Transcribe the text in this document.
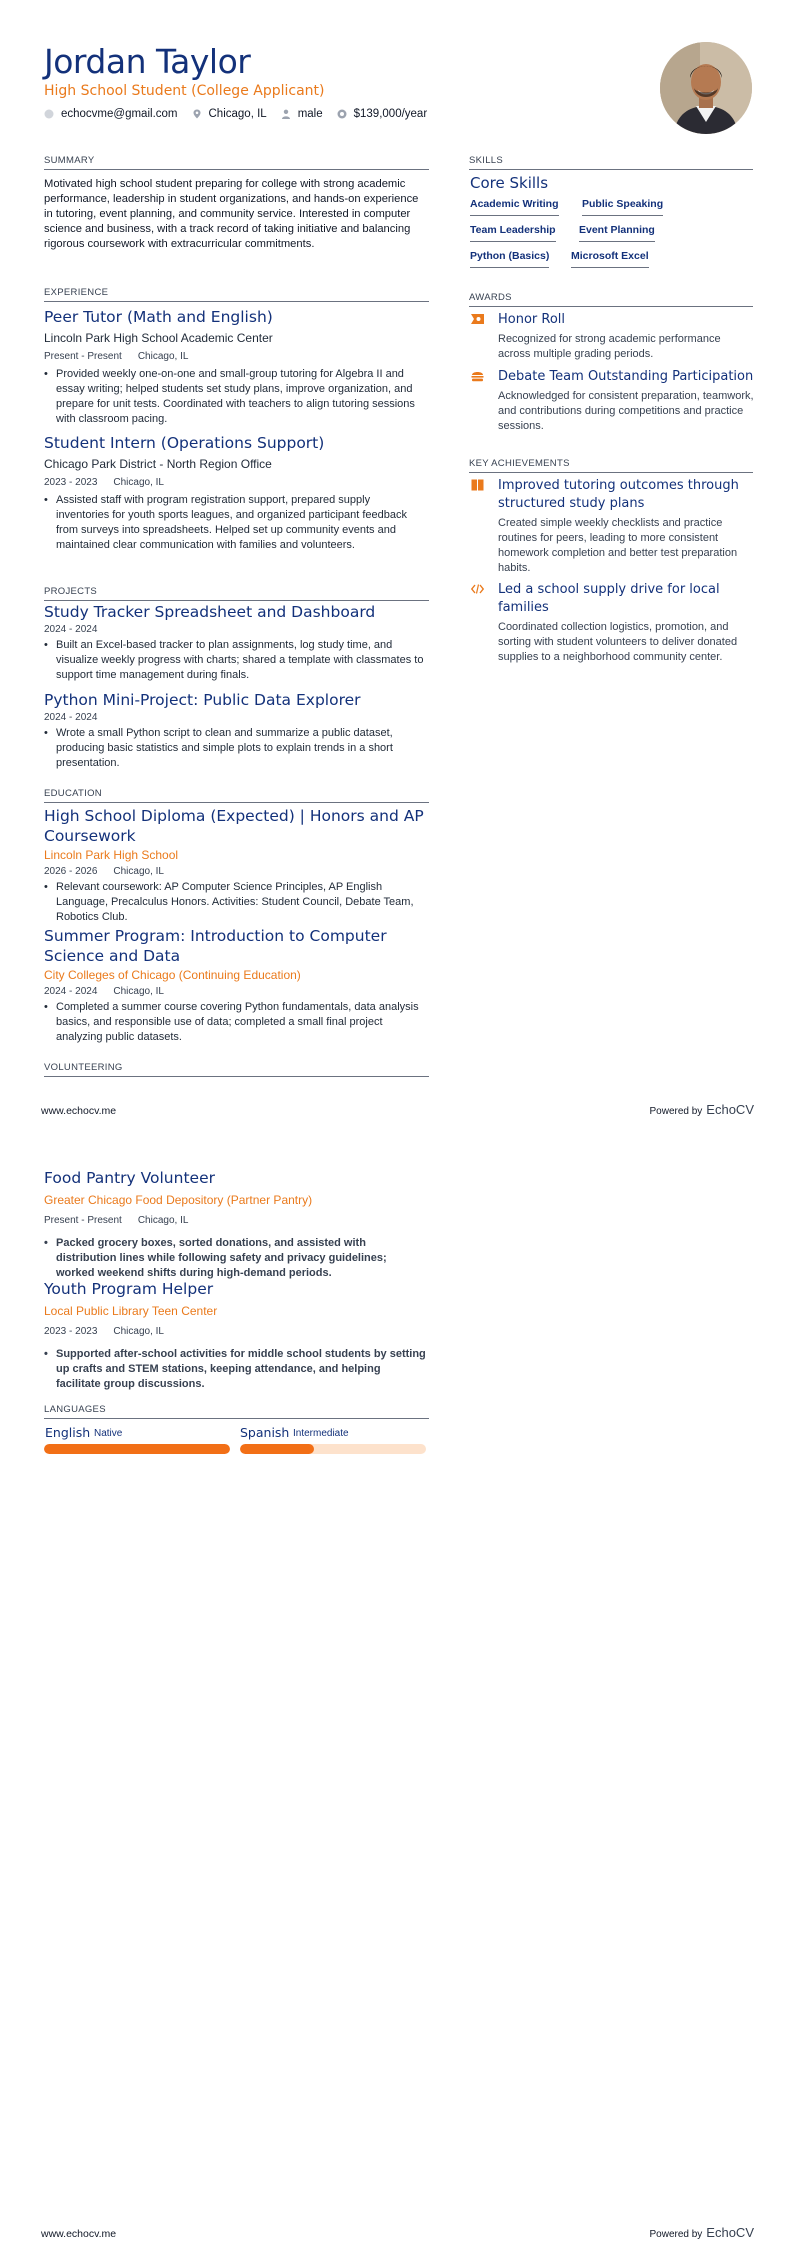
Jordan Taylor
High School Student (College Applicant)
echocvme@gmail.com	Chicago, IL	male	$139,000/year
SUMMARY
Motivated high school student preparing for college with strong academic performance, leadership in student organizations, and hands-on experience in tutoring, event planning, and community service. Interested in computer science and business, with a track record of taking initiative and balancing rigorous coursework with extracurricular commitments.
EXPERIENCE
Peer Tutor (Math and English)
Lincoln Park High School Academic Center
Present - Present Chicago, IL
• Provided weekly one-on-one and small-group tutoring for Algebra II and essay writing; helped students set study plans, improve organization, and prepare for unit tests. Coordinated with teachers to align tutoring sessions with classroom pacing.
Student Intern (Operations Support)
Chicago Park District - North Region Office
2023 - 2023 Chicago, IL
• Assisted staff with program registration support, prepared supply inventories for youth sports leagues, and organized participant feedback from surveys into spreadsheets. Helped set up community events and maintained clear communication with families and volunteers.
PROJECTS
Study Tracker Spreadsheet and Dashboard
2024 - 2024
• Built an Excel-based tracker to plan assignments, log study time, and visualize weekly progress with charts; shared a template with classmates to support time management during finals.
Python Mini-Project: Public Data Explorer
2024 - 2024
• Wrote a small Python script to clean and summarize a public dataset, producing basic statistics and simple plots to explain trends in a short presentation.
EDUCATION
High School Diploma (Expected) | Honors and AP Coursework
Lincoln Park High School
2026 - 2026 Chicago, IL
• Relevant coursework: AP Computer Science Principles, AP English Language, Precalculus Honors. Activities: Student Council, Debate Team, Robotics Club.
Summer Program: Introduction to Computer Science and Data
City Colleges of Chicago (Continuing Education)
2024 - 2024 Chicago, IL
• Completed a summer course covering Python fundamentals, data analysis basics, and responsible use of data; completed a small final project analyzing public datasets.
VOLUNTEERING
SKILLS
Core Skills
Academic Writing Public Speaking
Team Leadership Event Planning
Python (Basics) Microsoft Excel
AWARDS
Honor Roll
Recognized for strong academic performance across multiple grading periods.
Debate Team Outstanding Participation
Acknowledged for consistent preparation, teamwork, and contributions during competitions and practice sessions.
KEY ACHIEVEMENTS
Improved tutoring outcomes through structured study plans
Created simple weekly checklists and practice routines for peers, leading to more consistent homework completion and better test preparation habits.
Led a school supply drive for local families
Coordinated collection logistics, promotion, and sorting with student volunteers to deliver donated supplies to a neighborhood community center.
www.echocv.me	Powered by EchoCV
Food Pantry Volunteer
Greater Chicago Food Depository (Partner Pantry)
Present - Present Chicago, IL
• Packed grocery boxes, sorted donations, and assisted with distribution lines while following safety and privacy guidelines; worked weekend shifts during high-demand periods.
Youth Program Helper
Local Public Library Teen Center
2023 - 2023 Chicago, IL
• Supported after-school activities for middle school students by setting up crafts and STEM stations, keeping attendance, and helping facilitate group discussions.
LANGUAGES
English Native	Spanish Intermediate
www.echocv.me	Powered by EchoCV
